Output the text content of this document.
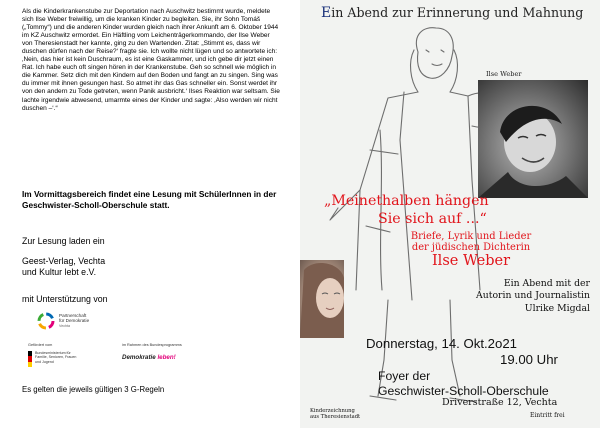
Als die Kinderkrankenstube zur Deportation nach Auschwitz bestimmt wurde, meldete sich Ilse Weber freiwillig, um die kranken Kinder zu begleiten. Sie, ihr Sohn Tomáš („Tommy“) und die anderen Kinder wurden gleich nach ihrer Ankunft am 6. Oktober 1944 im KZ Auschwitz ermordet. Ein Häftling vom Leichenträgerkommando, der Ilse Weber von Theresienstadt her kannte, ging zu den Wartenden. Zitat: „Stimmt es, dass wir duschen dürfen nach der Reise?‘ fragte sie. Ich wollte nicht lügen und so antwortete ich: ‚Nein, das hier ist kein Duschraum, es ist eine Gaskammer, und ich gebe dir jetzt einen Rat. Ich habe euch oft singen hören in der Krankenstube. Geh so schnell wie möglich in die Kammer. Setz dich mit den Kindern auf den Boden und fangt an zu singen. Sing was du immer mit ihnen gesungen hast. So atmet ihr das Gas schneller ein. Sonst werdet ihr von den andern zu Tode getreten, wenn Panik ausbricht.‘ Ilses Reaktion war seltsam. Sie lachte irgendwie abwesend, umarmte eines der Kinder und sagte: ‚Also werden wir nicht duschen –‘.“
Im Vormittagsbereich findet eine Lesung mit SchülerInnen in der Geschwister-Scholl-Oberschule statt.
Zur Lesung laden ein
Geest-Verlag, Vechta
und Kultur lebt e.V.
mit Unterstützung von
Partnerschaft
für Demokratie
Vechta
Gefördert vom
Bundesministerium für Familie, Senioren, Frauen und Jugend
im Rahmen des Bundesprogramms
Demokratie leben!
Es gelten die jeweils gültigen 3 G-Regeln
Ein Abend zur Erinnerung und Mahnung
Ilse Weber
„Meinethalben hängen
Sie sich auf ...“
Briefe, Lyrik und Lieder
der jüdischen Dichterin
Ilse Weber
Ein Abend mit der
Autorin und Journalistin
Ulrike Migdal
Donnerstag, 14. Okt.2o21
19.00 Uhr
Foyer der
Geschwister-Scholl-Oberschule
Driverstraße 12, Vechta
Kinderzeichnung
aus Theresienstadt	Eintritt frei
